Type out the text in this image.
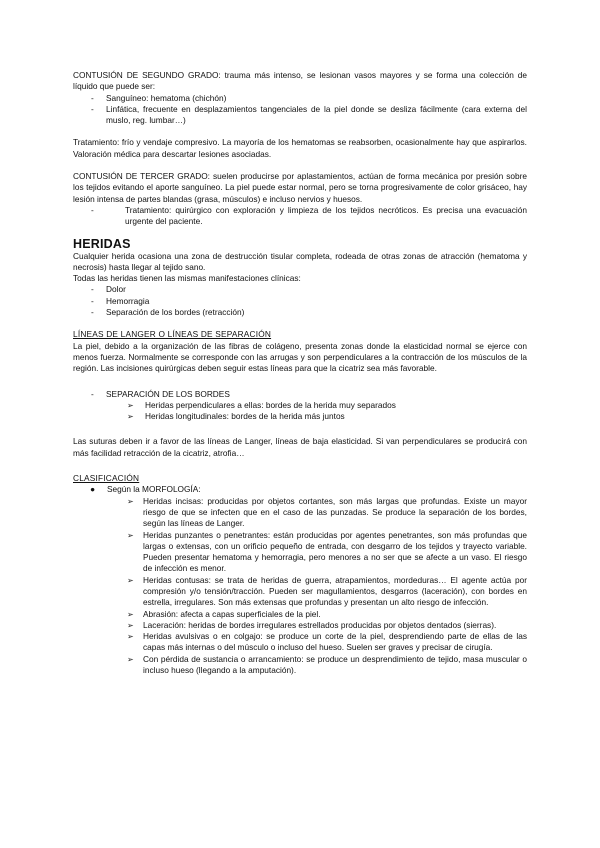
CONTUSIÓN DE SEGUNDO GRADO: trauma más intenso, se lesionan vasos mayores y se forma una colección de líquido que puede ser:

- Sanguíneo: hematoma (chichón)
- Linfática, frecuente en desplazamientos tangenciales de la piel donde se desliza fácilmente (cara externa del muslo, reg. lumbar…)

Tratamiento: frío y vendaje compresivo. La mayoría de los hematomas se reabsorben, ocasionalmente hay que aspirarlos. Valoración médica para descartar lesiones asociadas.

CONTUSIÓN DE TERCER GRADO: suelen producirse por aplastamientos, actúan de forma mecánica por presión sobre los tejidos evitando el aporte sanguíneo. La piel puede estar normal, pero se torna progresivamente de color grisáceo, hay lesión intensa de partes blandas (grasa, músculos) e incluso nervios y huesos.

- Tratamiento: quirúrgico con exploración y limpieza de los tejidos necróticos. Es precisa una evacuación urgente del paciente.
HERIDAS

Cualquier herida ocasiona una zona de destrucción tisular completa, rodeada de otras zonas de atracción (hematoma y necrosis) hasta llegar al tejido sano.

Todas las heridas tienen las mismas manifestaciones clínicas:

- Dolor
- Hemorragia
- Separación de los bordes (retracción)

LÍNEAS DE LANGER O LÍNEAS DE SEPARACIÓN

La piel, debido a la organización de las fibras de colágeno, presenta zonas donde la elasticidad normal se ejerce con menos fuerza. Normalmente se corresponde con las arrugas y son perpendiculares a la contracción de los músculos de la región. Las incisiones quirúrgicas deben seguir estas líneas para que la cicatriz sea más favorable.

- SEPARACIÓN DE LOS BORDES
➢ Heridas perpendiculares a ellas: bordes de la herida muy separados
➢ Heridas longitudinales: bordes de la herida más juntos

Las suturas deben ir a favor de las líneas de Langer, líneas de baja elasticidad. Si van perpendiculares se producirá con más facilidad retracción de la cicatriz, atrofia…

CLASIFICACIÓN

● Según la MORFOLOGÍA:
➢ Heridas incisas: producidas por objetos cortantes, son más largas que profundas. Existe un mayor riesgo de que se infecten que en el caso de las punzadas. Se produce la separación de los bordes, según las líneas de Langer.
➢ Heridas punzantes o penetrantes: están producidas por agentes penetrantes, son más profundas que largas o extensas, con un orificio pequeño de entrada, con desgarro de los tejidos y trayecto variable. Pueden presentar hematoma y hemorragia, pero menores a no ser que se afecte a un vaso. El riesgo de infección es menor.
➢ Heridas contusas: se trata de heridas de guerra, atrapamientos, mordeduras… El agente actúa por compresión y/o tensión/tracción. Pueden ser magullamientos, desgarros (laceración), con bordes en estrella, irregulares. Son más extensas que profundas y presentan un alto riesgo de infección.
➢ Abrasión: afecta a capas superficiales de la piel.
➢ Laceración: heridas de bordes irregulares estrellados producidas por objetos dentados (sierras).
➢ Heridas avulsivas o en colgajo: se produce un corte de la piel, desprendiendo parte de ellas de las capas más internas o del músculo o incluso del hueso. Suelen ser graves y precisar de cirugía.
➢ Con pérdida de sustancia o arrancamiento: se produce un desprendimiento de tejido, masa muscular o incluso hueso (llegando a la amputación).
